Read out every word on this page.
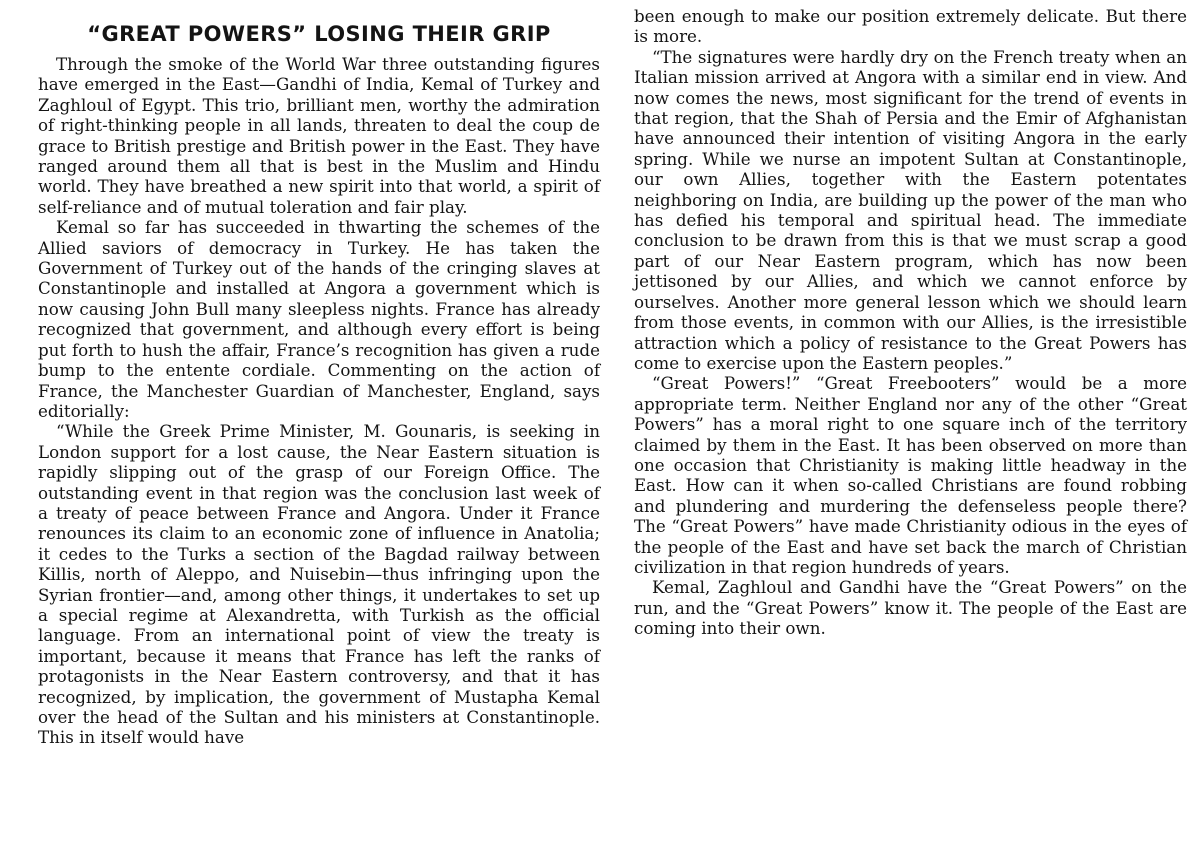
“GREAT POWERS” LOSING THEIR GRIP

Through the smoke of the World War three outstanding figures have emerged in the East—Gandhi of India, Kemal of Turkey and Zaghloul of Egypt. This trio, brilliant men, worthy the admiration of right-thinking people in all lands, threaten to deal the coup de grace to British prestige and British power in the East. They have ranged around them all that is best in the Muslim and Hindu world. They have breathed a new spirit into that world, a spirit of self-reliance and of mutual toleration and fair play.

Kemal so far has succeeded in thwarting the schemes of the Allied saviors of democracy in Turkey. He has taken the Government of Turkey out of the hands of the cringing slaves at Constantinople and installed at Angora a government which is now causing John Bull many sleepless nights. France has already recognized that government, and although every effort is being put forth to hush the affair, France’s recognition has given a rude bump to the entente cordiale. Commenting on the action of France, the Manchester Guardian of Manchester, England, says editorially:

“While the Greek Prime Minister, M. Gounaris, is seeking in London support for a lost cause, the Near Eastern situation is rapidly slipping out of the grasp of our Foreign Office. The outstanding event in that region was the conclusion last week of a treaty of peace between France and Angora. Under it France renounces its claim to an economic zone of influence in Anatolia; it cedes to the Turks a section of the Bagdad railway between Killis, north of Aleppo, and Nuisebin—thus infringing upon the Syrian frontier—and, among other things, it undertakes to set up a special regime at Alexandretta, with Turkish as the official language. From an international point of view the treaty is important, because it means that France has left the ranks of protagonists in the Near Eastern controversy, and that it has recognized, by implication, the government of Mustapha Kemal over the head of the Sultan and his ministers at Constantinople. This in itself would have

been enough to make our position extremely delicate. But there is more.

“The signatures were hardly dry on the French treaty when an Italian mission arrived at Angora with a similar end in view. And now comes the news, most significant for the trend of events in that region, that the Shah of Persia and the Emir of Afghanistan have announced their intention of visiting Angora in the early spring. While we nurse an impotent Sultan at Constantinople, our own Allies, together with the Eastern potentates neighboring on India, are building up the power of the man who has defied his temporal and spiritual head. The immediate conclusion to be drawn from this is that we must scrap a good part of our Near Eastern program, which has now been jettisoned by our Allies, and which we cannot enforce by ourselves. Another more general lesson which we should learn from those events, in common with our Allies, is the irresistible attraction which a policy of resistance to the Great Powers has come to exercise upon the Eastern peoples.”

“Great Powers!” “Great Freebooters” would be a more appropriate term. Neither England nor any of the other “Great Powers” has a moral right to one square inch of the territory claimed by them in the East. It has been observed on more than one occasion that Christianity is making little headway in the East. How can it when so-called Christians are found robbing and plundering and murdering the defenseless people there? The “Great Powers” have made Christianity odious in the eyes of the people of the East and have set back the march of Christian civilization in that region hundreds of years.

Kemal, Zaghloul and Gandhi have the “Great Powers” on the run, and the “Great Powers” know it. The people of the East are coming into their own.
